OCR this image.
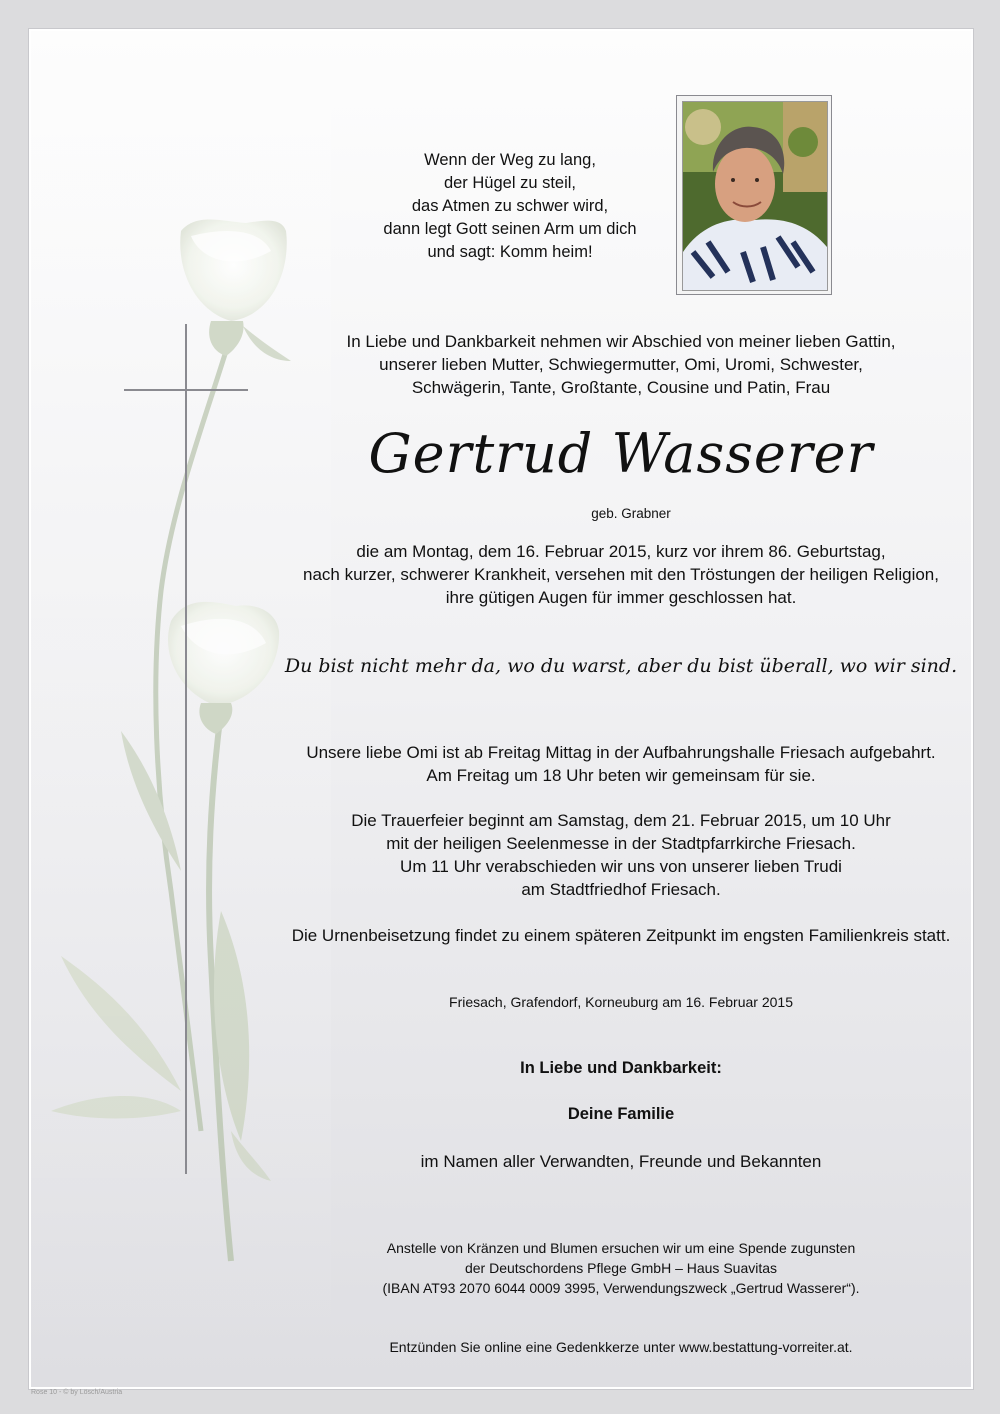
Wenn der Weg zu lang,
der Hügel zu steil,
das Atmen zu schwer wird,
dann legt Gott seinen Arm um dich
und sagt: Komm heim!
In Liebe und Dankbarkeit nehmen wir Abschied von meiner lieben Gattin,
unserer lieben Mutter, Schwiegermutter, Omi, Uromi, Schwester,
Schwägerin, Tante, Großtante, Cousine und Patin, Frau
Gertrud Wasserer
geb. Grabner
die am Montag, dem 16. Februar 2015, kurz vor ihrem 86. Geburtstag,
nach kurzer, schwerer Krankheit, versehen mit den Tröstungen der heiligen Religion,
ihre gütigen Augen für immer geschlossen hat.
Du bist nicht mehr da, wo du warst, aber du bist überall, wo wir sind.
Unsere liebe Omi ist ab Freitag Mittag in der Aufbahrungshalle Friesach aufgebahrt.
Am Freitag um 18 Uhr beten wir gemeinsam für sie.
Die Trauerfeier beginnt am Samstag, dem 21. Februar 2015, um 10 Uhr
mit der heiligen Seelenmesse in der Stadtpfarrkirche Friesach.
Um 11 Uhr verabschieden wir uns von unserer lieben Trudi
am Stadtfriedhof Friesach.
Die Urnenbeisetzung findet zu einem späteren Zeitpunkt im engsten Familienkreis statt.
Friesach, Grafendorf, Korneuburg am 16. Februar 2015
In Liebe und Dankbarkeit:
Deine Familie
im Namen aller Verwandten, Freunde und Bekannten
Anstelle von Kränzen und Blumen ersuchen wir um eine Spende zugunsten
der Deutschordens Pflege GmbH – Haus Suavitas
(IBAN AT93 2070 6044 0009 3995, Verwendungszweck „Gertrud Wasserer“).
Entzünden Sie online eine Gedenkkerze unter www.bestattung-vorreiter.at.
Rose 10 - © by Lösch/Austria
